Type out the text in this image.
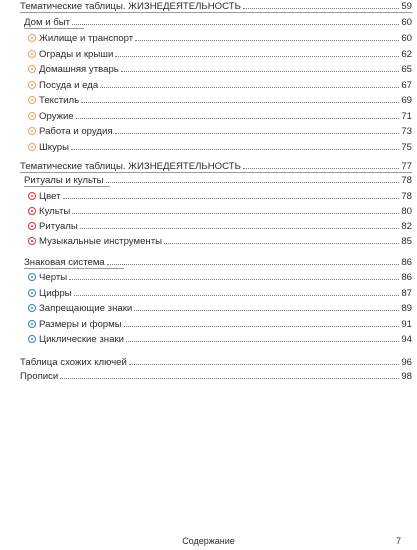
Тематические таблицы. ЖИЗНЕДЕЯТЕЛЬНОСТЬ	59
Дом и быт	60
Жилище и транспорт	60
Ограды и крыши	62
Домашняя утварь	65
Посуда и еда	67
Текстиль	69
Оружие	71
Работа и орудия	73
Шкуры	75
Тематические таблицы. ЖИЗНЕДЕЯТЕЛЬНОСТЬ	77
Ритуалы и культы	78
Цвет	78
Культы	80
Ритуалы	82
Музыкальные инструменты	85
Знаковая система	86
Черты	86
Цифры	87
Запрещающие знаки	89
Размеры и формы	91
Циклические знаки	94
Таблица схожих ключей	96
Прописи	98
Содержание	7
